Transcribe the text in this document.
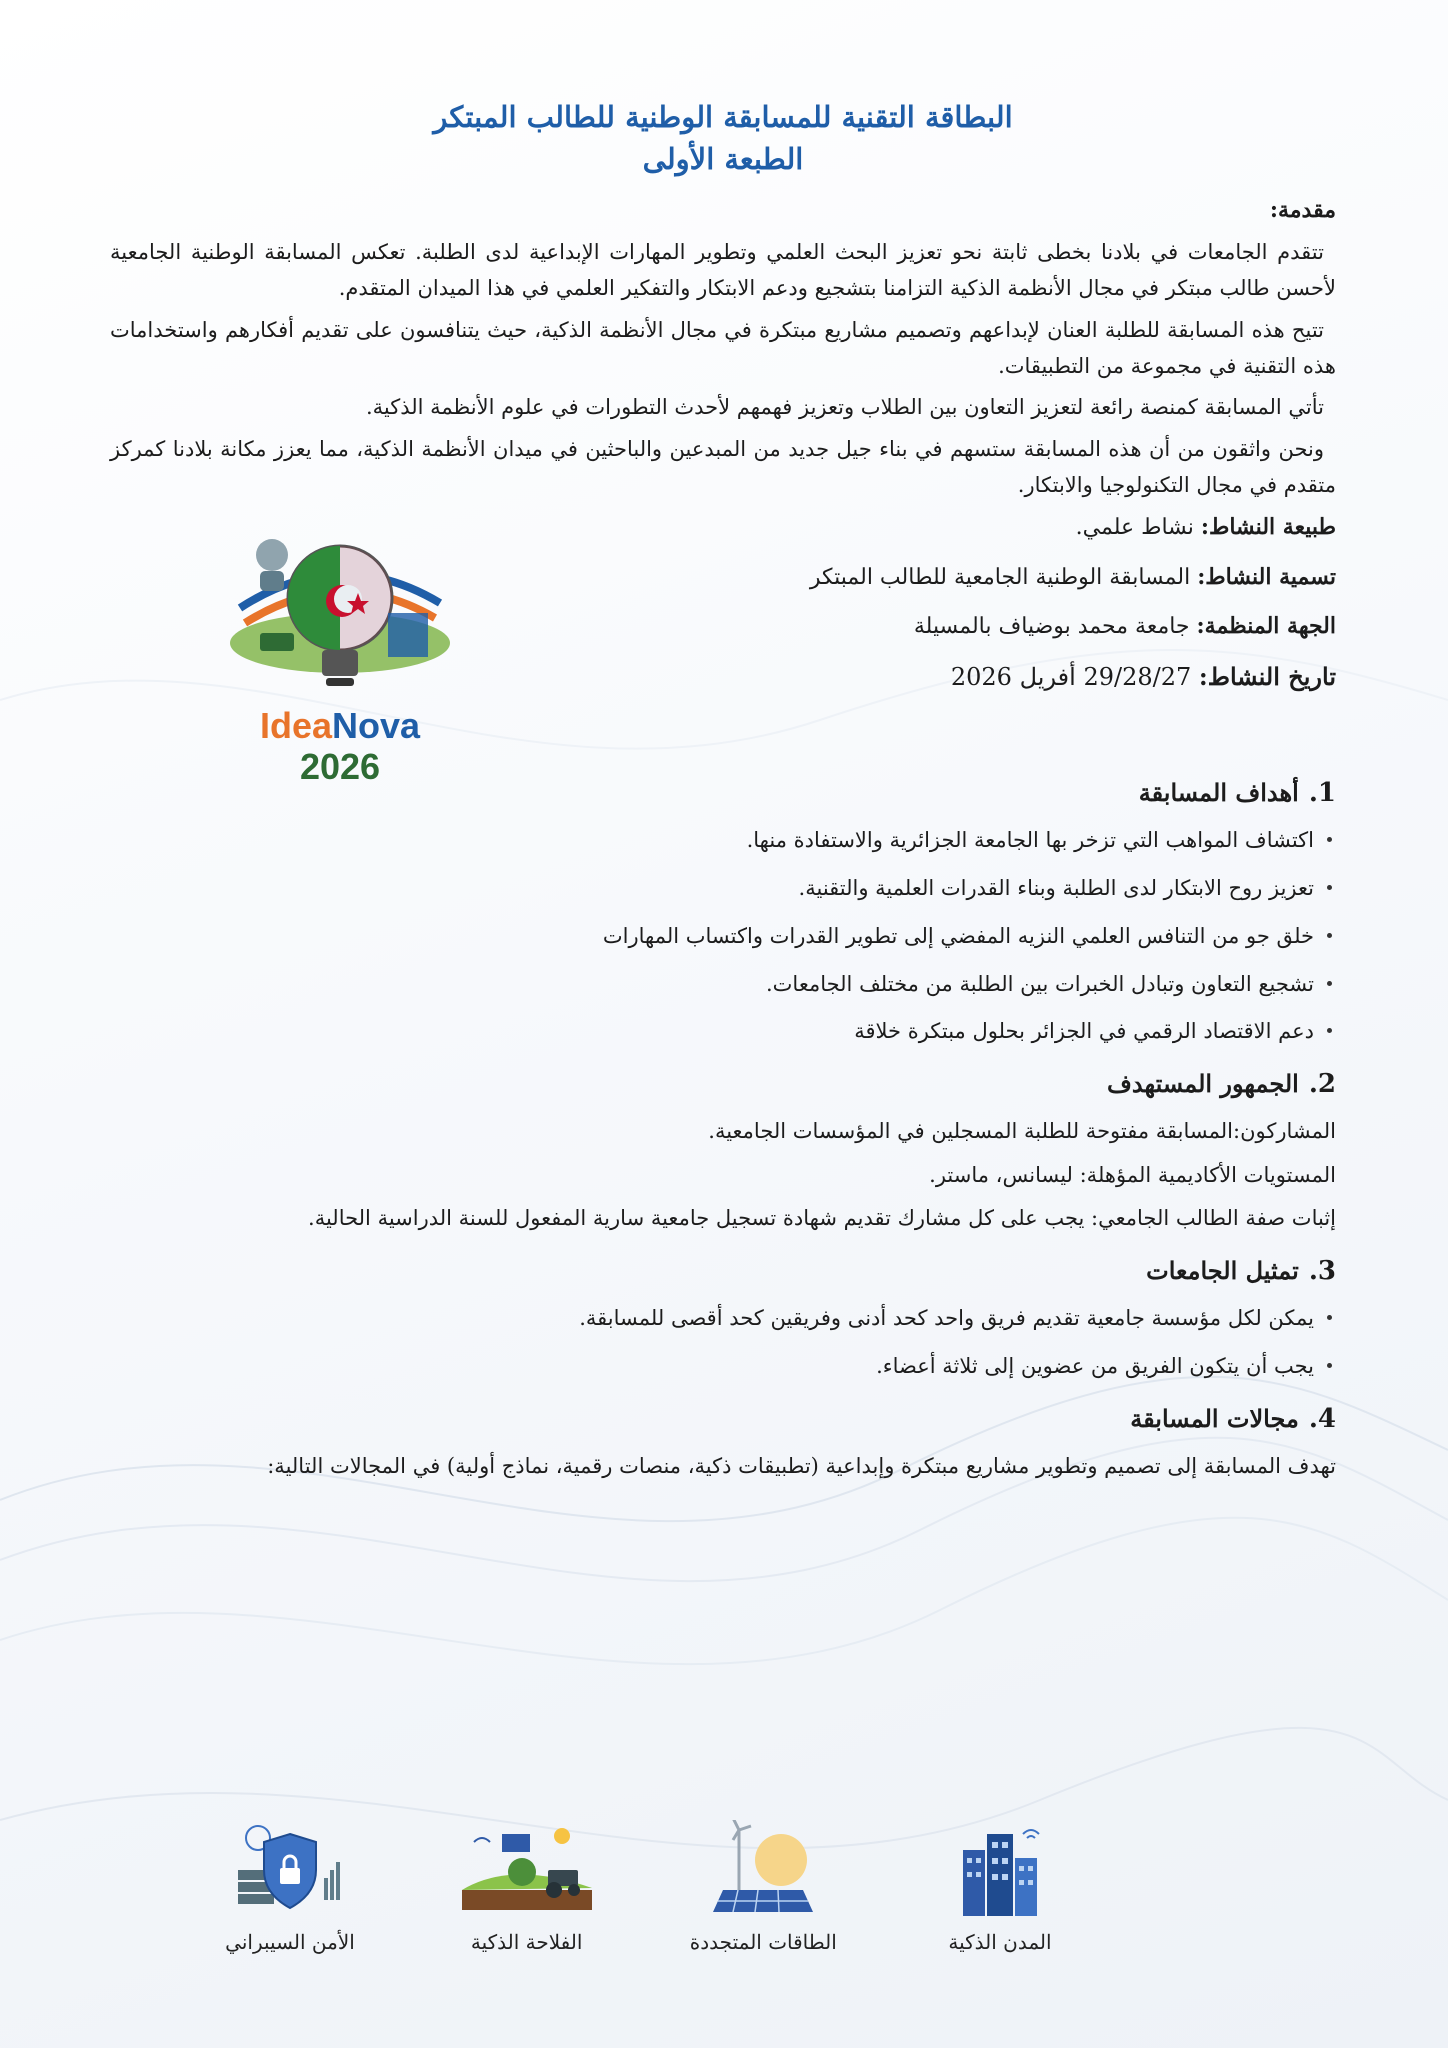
البطاقة التقنية للمسابقة الوطنية للطالب المبتكر
الطبعة الأولى
مقدمة:

تتقدم الجامعات في بلادنا بخطى ثابتة نحو تعزيز البحث العلمي وتطوير المهارات الإبداعية لدى الطلبة. تعكس المسابقة الوطنية الجامعية لأحسن طالب مبتكر في مجال الأنظمة الذكية التزامنا بتشجيع ودعم الابتكار والتفكير العلمي في هذا الميدان المتقدم.

تتيح هذه المسابقة للطلبة العنان لإبداعهم وتصميم مشاريع مبتكرة في مجال الأنظمة الذكية، حيث يتنافسون على تقديم أفكارهم واستخدامات هذه التقنية في مجموعة من التطبيقات.

تأتي المسابقة كمنصة رائعة لتعزيز التعاون بين الطلاب وتعزيز فهمهم لأحدث التطورات في علوم الأنظمة الذكية.

ونحن واثقون من أن هذه المسابقة ستسهم في بناء جيل جديد من المبدعين والباحثين في ميدان الأنظمة الذكية، مما يعزز مكانة بلادنا كمركز متقدم في مجال التكنولوجيا والابتكار.

طبيعة النشاط: نشاط علمي.
تسمية النشاط: المسابقة الوطنية الجامعية للطالب المبتكر
الجهة المنظمة: جامعة محمد بوضياف بالمسيلة
تاريخ النشاط: 29/28/27 أفريل 2026
IdeaNova
2026
1.أهداف المسابقة
اكتشاف المواهب التي تزخر بها الجامعة الجزائرية والاستفادة منها.
تعزيز روح الابتكار لدى الطلبة وبناء القدرات العلمية والتقنية.
خلق جو من التنافس العلمي النزيه المفضي إلى تطوير القدرات واكتساب المهارات
تشجيع التعاون وتبادل الخبرات بين الطلبة من مختلف الجامعات.
دعم الاقتصاد الرقمي في الجزائر بحلول مبتكرة خلاقة
2.الجمهور المستهدف

المشاركون:المسابقة مفتوحة للطلبة المسجلين في المؤسسات الجامعية.

المستويات الأكاديمية المؤهلة: ليسانس، ماستر.

إثبات صفة الطالب الجامعي: يجب على كل مشارك تقديم شهادة تسجيل جامعية سارية المفعول للسنة الدراسية الحالية.

3.تمثيل الجامعات
يمكن لكل مؤسسة جامعية تقديم فريق واحد كحد أدنى وفريقين كحد أقصى للمسابقة.
يجب أن يتكون الفريق من عضوين إلى ثلاثة أعضاء.
4.مجالات المسابقة

تهدف المسابقة إلى تصميم وتطوير مشاريع مبتكرة وإبداعية (تطبيقات ذكية، منصات رقمية، نماذج أولية) في المجالات التالية:

المدن الذكية
الطاقات المتجددة
الفلاحة الذكية
الأمن السيبراني
